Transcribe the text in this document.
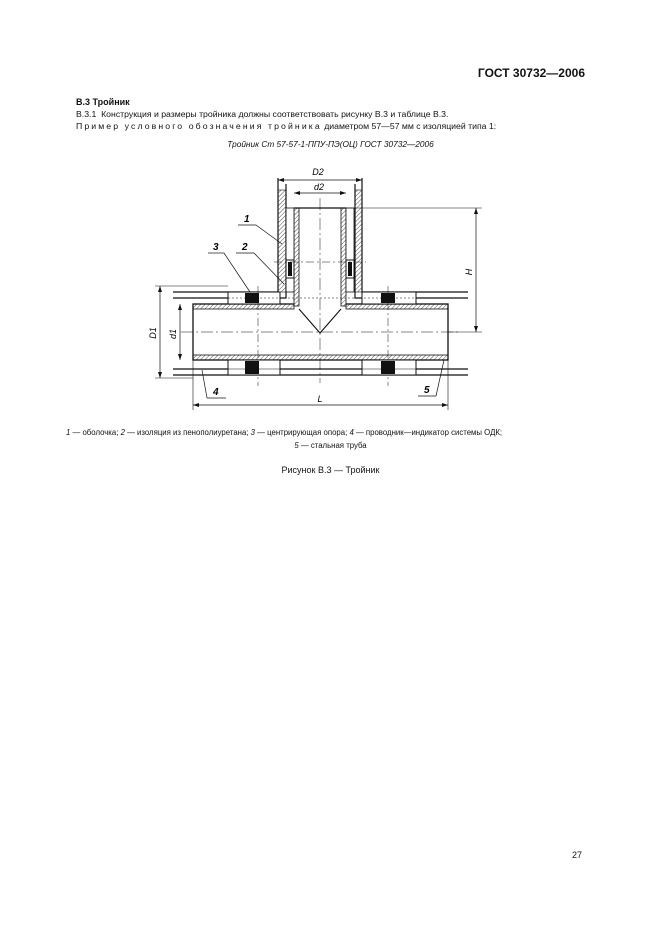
ГОСТ 30732—2006
В.3 Тройник
В.3.1 Конструкция и размеры тройника должны соответствовать рисунку В.3 и таблице В.3.
Пример условного обозначения тройника диаметром 57—57 мм с изоляцией типа 1:
Тройник Ст 57-57-1-ППУ-ПЭ(ОЦ) ГОСТ 30732—2006
D2
d2
H
D1 d1
L
1
2
3
4	5
1 — оболочка; 2 — изоляция из пенополиуретана; 3 — центрирующая опора; 4 — проводник—индикатор системы ОДК;
5 — стальная труба
Рисунок В.3 — Тройник
27
